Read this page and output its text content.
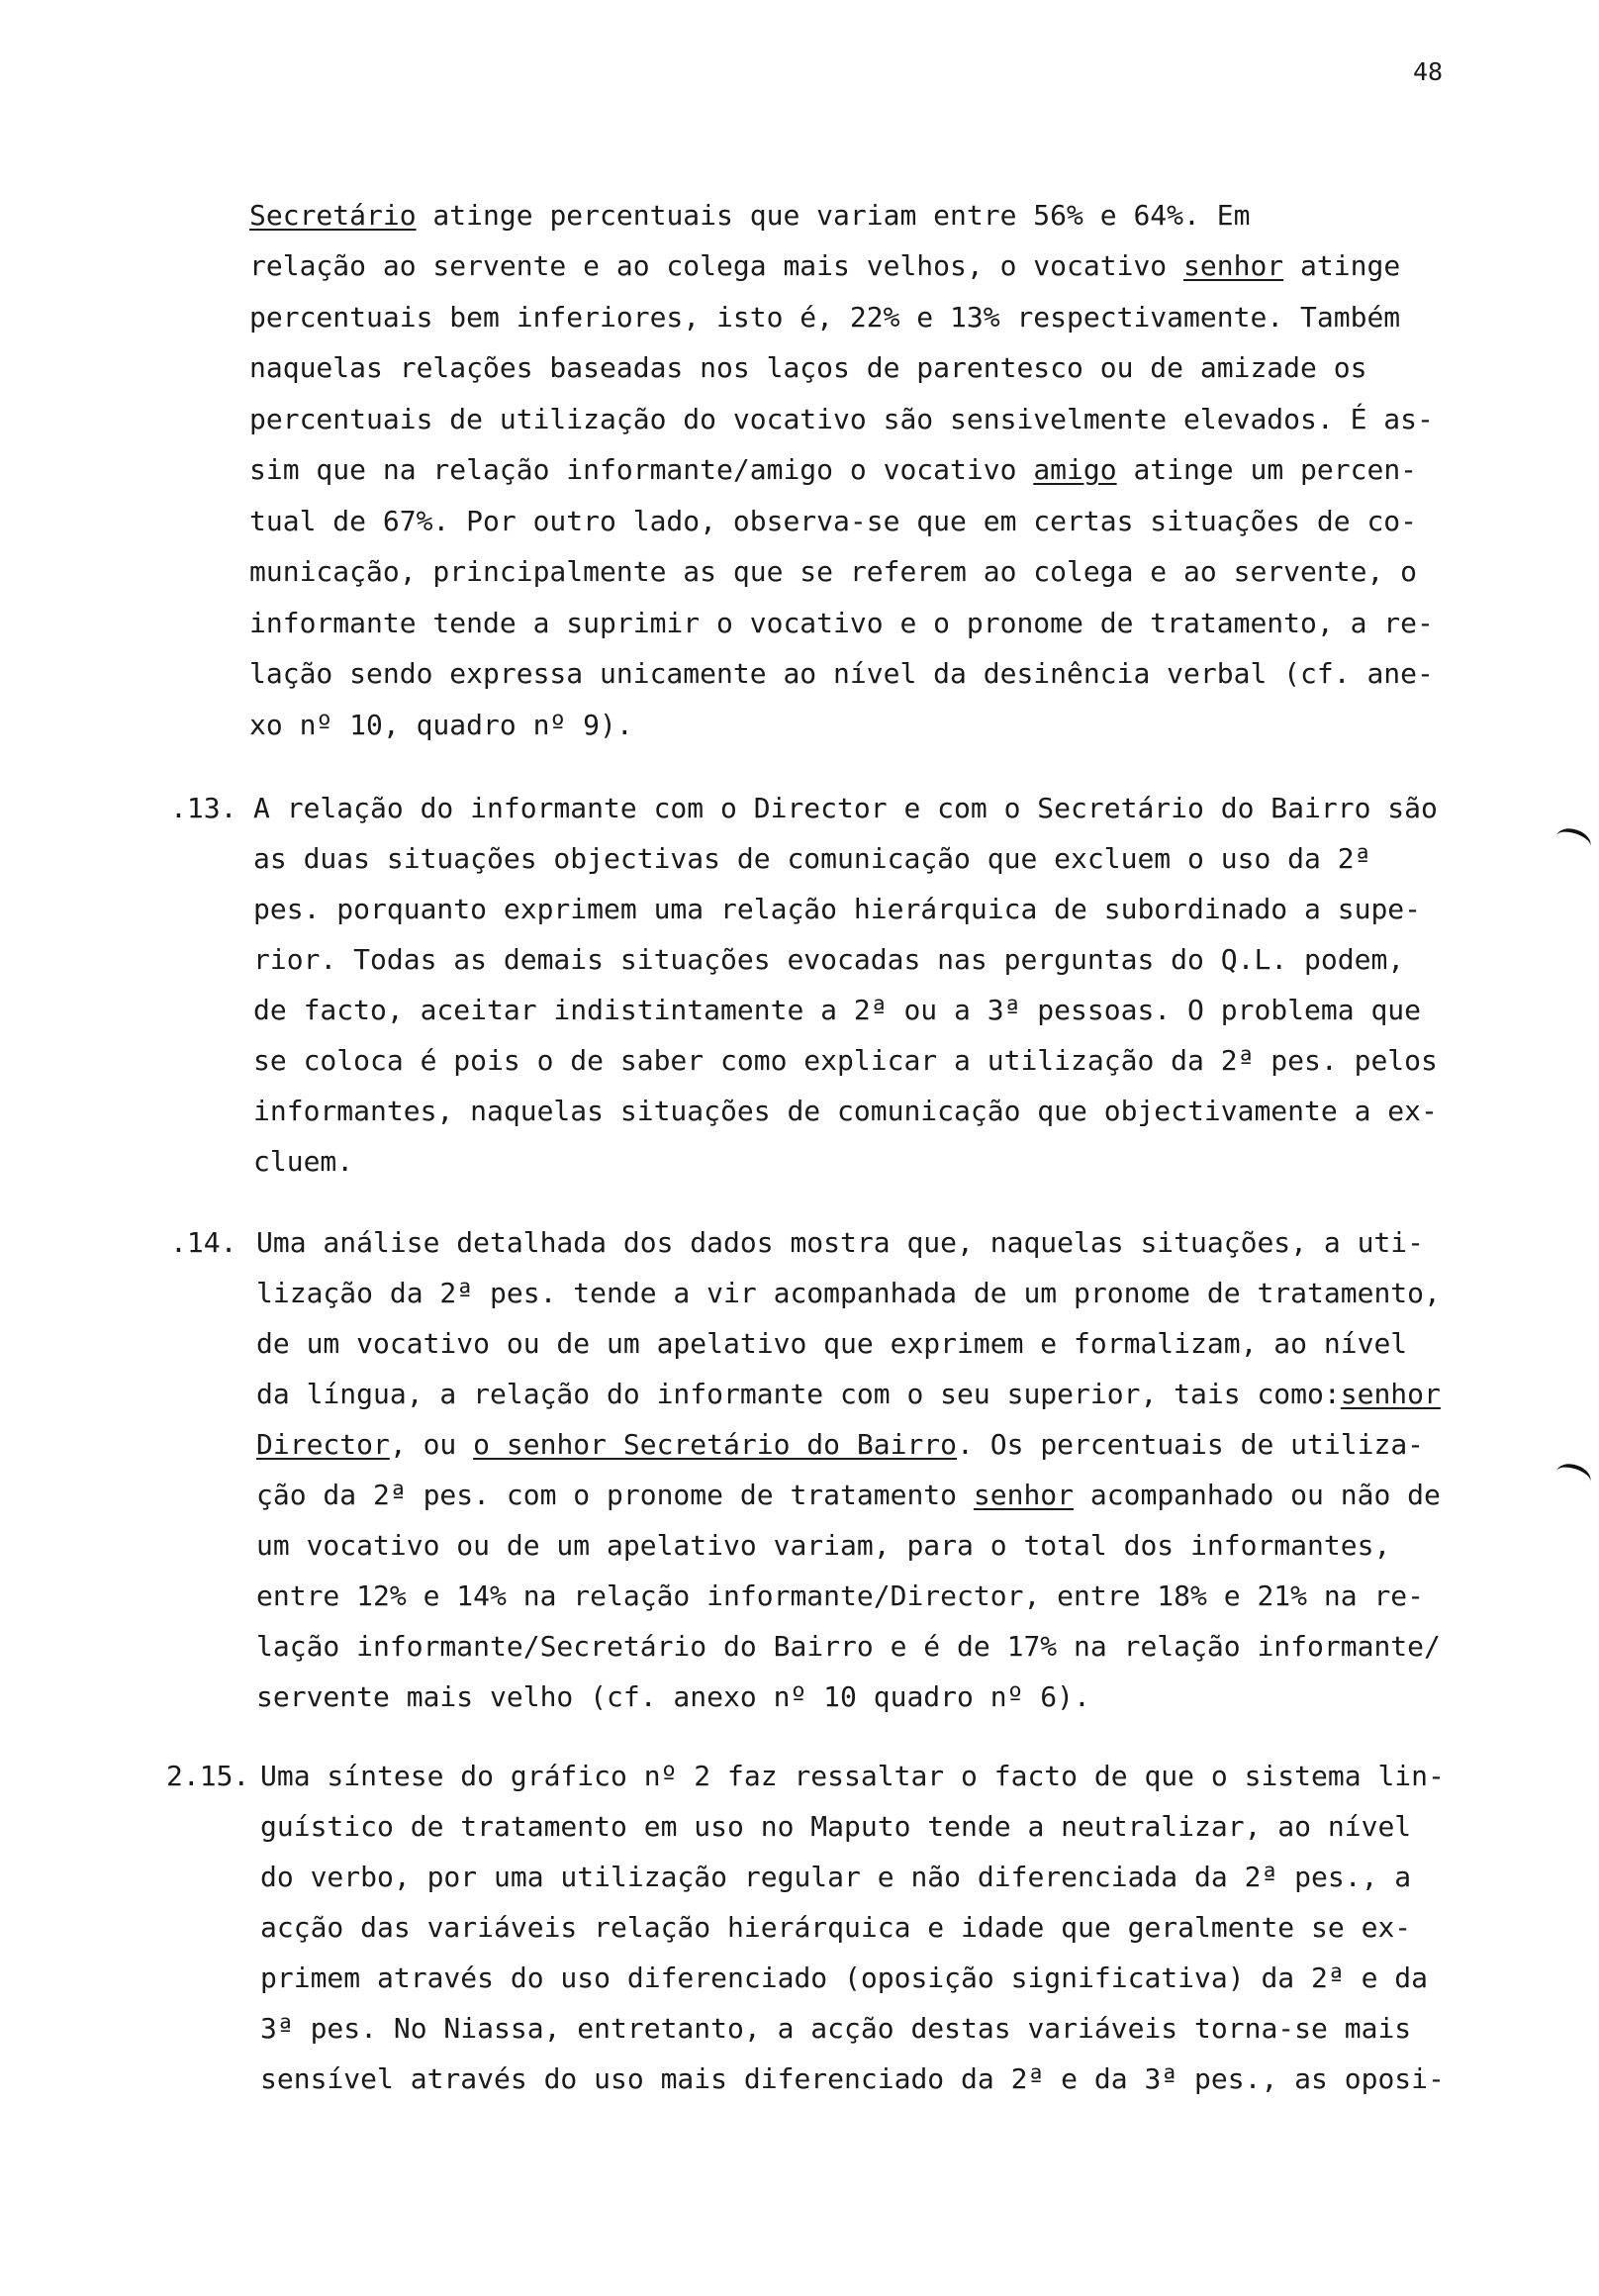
48
Secretário atinge percentuais que variam entre 56% e 64%. Em
relação ao servente e ao colega mais velhos, o vocativo senhor atinge
percentuais bem inferiores, isto é, 22% e 13% respectivamente. Também
naquelas relações baseadas nos laços de parentesco ou de amizade os
percentuais de utilização do vocativo são sensivelmente elevados. É as-
sim que na relação informante/amigo o vocativo amigo atinge um percen-
tual de 67%. Por outro lado, observa-se que em certas situações de co-
municação, principalmente as que se referem ao colega e ao servente, o
informante tende a suprimir o vocativo e o pronome de tratamento, a re-
lação sendo expressa unicamente ao nível da desinência verbal (cf. ane-
xo nº 10, quadro nº 9).
.13. A relação do informante com o Director e com o Secretário do Bairro são
as duas situações objectivas de comunicação que excluem o uso da 2ª
pes. porquanto exprimem uma relação hierárquica de subordinado a supe-
rior. Todas as demais situações evocadas nas perguntas do Q.L. podem,
de facto, aceitar indistintamente a 2ª ou a 3ª pessoas. O problema que
se coloca é pois o de saber como explicar a utilização da 2ª pes. pelos
informantes, naquelas situações de comunicação que objectivamente a ex-
cluem.
.14. Uma análise detalhada dos dados mostra que, naquelas situações, a uti-
lização da 2ª pes. tende a vir acompanhada de um pronome de tratamento,
de um vocativo ou de um apelativo que exprimem e formalizam, ao nível
da língua, a relação do informante com o seu superior, tais como:senhor
Director, ou o senhor Secretário do Bairro. Os percentuais de utiliza-
ção da 2ª pes. com o pronome de tratamento senhor acompanhado ou não de
um vocativo ou de um apelativo variam, para o total dos informantes,
entre 12% e 14% na relação informante/Director, entre 18% e 21% na re-
lação informante/Secretário do Bairro e é de 17% na relação informante/
servente mais velho (cf. anexo nº 10 quadro nº 6).
2.15. Uma síntese do gráfico nº 2 faz ressaltar o facto de que o sistema lin-
guístico de tratamento em uso no Maputo tende a neutralizar, ao nível
do verbo, por uma utilização regular e não diferenciada da 2ª pes., a
acção das variáveis relação hierárquica e idade que geralmente se ex-
primem através do uso diferenciado (oposição significativa) da 2ª e da
3ª pes. No Niassa, entretanto, a acção destas variáveis torna-se mais
sensível através do uso mais diferenciado da 2ª e da 3ª pes., as oposi-
